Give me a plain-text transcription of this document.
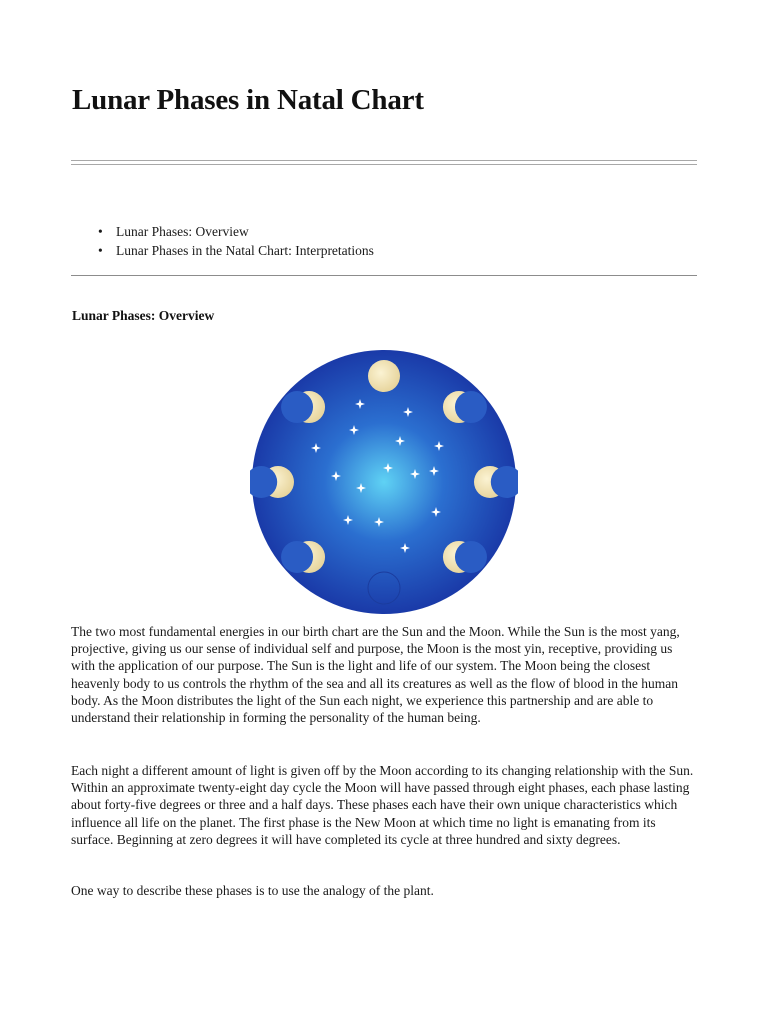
Lunar Phases in Natal Chart
• Lunar Phases: Overview
• Lunar Phases in the Natal Chart: Interpretations
Lunar Phases: Overview

The two most fundamental energies in our birth chart are the Sun and the Moon. While the Sun is the most yang, projective, giving us our sense of individual self and purpose, the Moon is the most yin, receptive, providing us with the application of our purpose. The Sun is the light and life of our system. The Moon being the closest heavenly body to us controls the rhythm of the sea and all its creatures as well as the flow of blood in the human body. As the Moon distributes the light of the Sun each night, we experience this partnership and are able to understand their relationship in forming the personality of the human being.

Each night a different amount of light is given off by the Moon according to its changing relationship with the Sun. Within an approximate twenty-eight day cycle the Moon will have passed through eight phases, each phase lasting about forty-five degrees or three and a half days. These phases each have their own unique characteristics which influence all life on the planet. The first phase is the New Moon at which time no light is emanating from its surface. Beginning at zero degrees it will have completed its cycle at three hundred and sixty degrees.

One way to describe these phases is to use the analogy of the plant.
